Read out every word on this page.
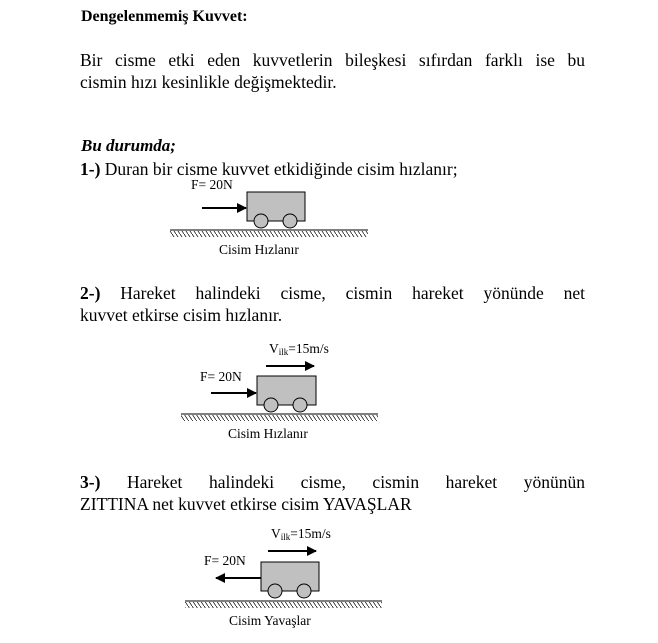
Dengelenmemiş Kuvvet:
Bir cisme etki eden kuvvetlerin bileşkesi sıfırdan farklı ise bu
cismin hızı kesinlikle değişmektedir.
Bu durumda;
1-) Duran bir cisme kuvvet etkidiğinde cisim hızlanır;
F= 20N
Cisim Hızlanır
2-) Hareket halindeki cisme, cismin hareket yönünde net
kuvvet etkirse cisim hızlanır.
$V_{ilk}=15m/s$
F= 20N
Cisim Hızlanır
3-) Hareket halindeki cisme, cismin hareket yönünün
ZITTINA net kuvvet etkirse cisim YAVAŞLAR
$V_{ilk}=15m/s$
F= 20N
Cisim Yavaşlar
